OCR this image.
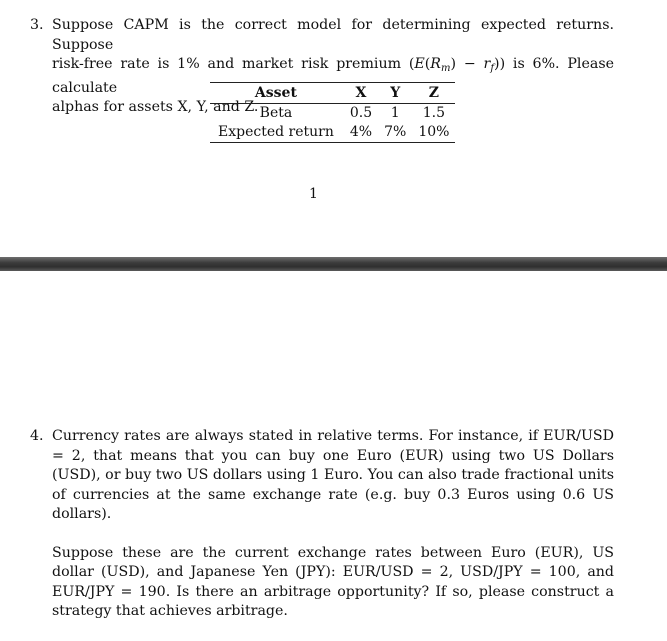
3. Suppose CAPM is the correct model for determining expected returns. Suppose
risk-free rate is 1% and market risk premium $(E(R_m) - r_f)$) is 6%. Please calculate
alphas for assets X, Y, and Z.

Asset	X	Y	Z
Beta	0.5	1	1.5
Expected return	4%	7%	10%
1
4. Currency rates are always stated in relative terms. For instance, if EUR/USD = 2, that means that you can buy one Euro (EUR) using two US Dollars (USD), or buy two US dollars using 1 Euro. You can also trade fractional units of currencies at the same exchange rate (e.g. buy 0.3 Euros using 0.6 US dollars).

Suppose these are the current exchange rates between Euro (EUR), US dollar (USD), and Japanese Yen (JPY): EUR/USD = 2, USD/JPY = 100, and EUR/JPY = 190. Is there an arbitrage opportunity? If so, please construct a strategy that achieves arbitrage.
